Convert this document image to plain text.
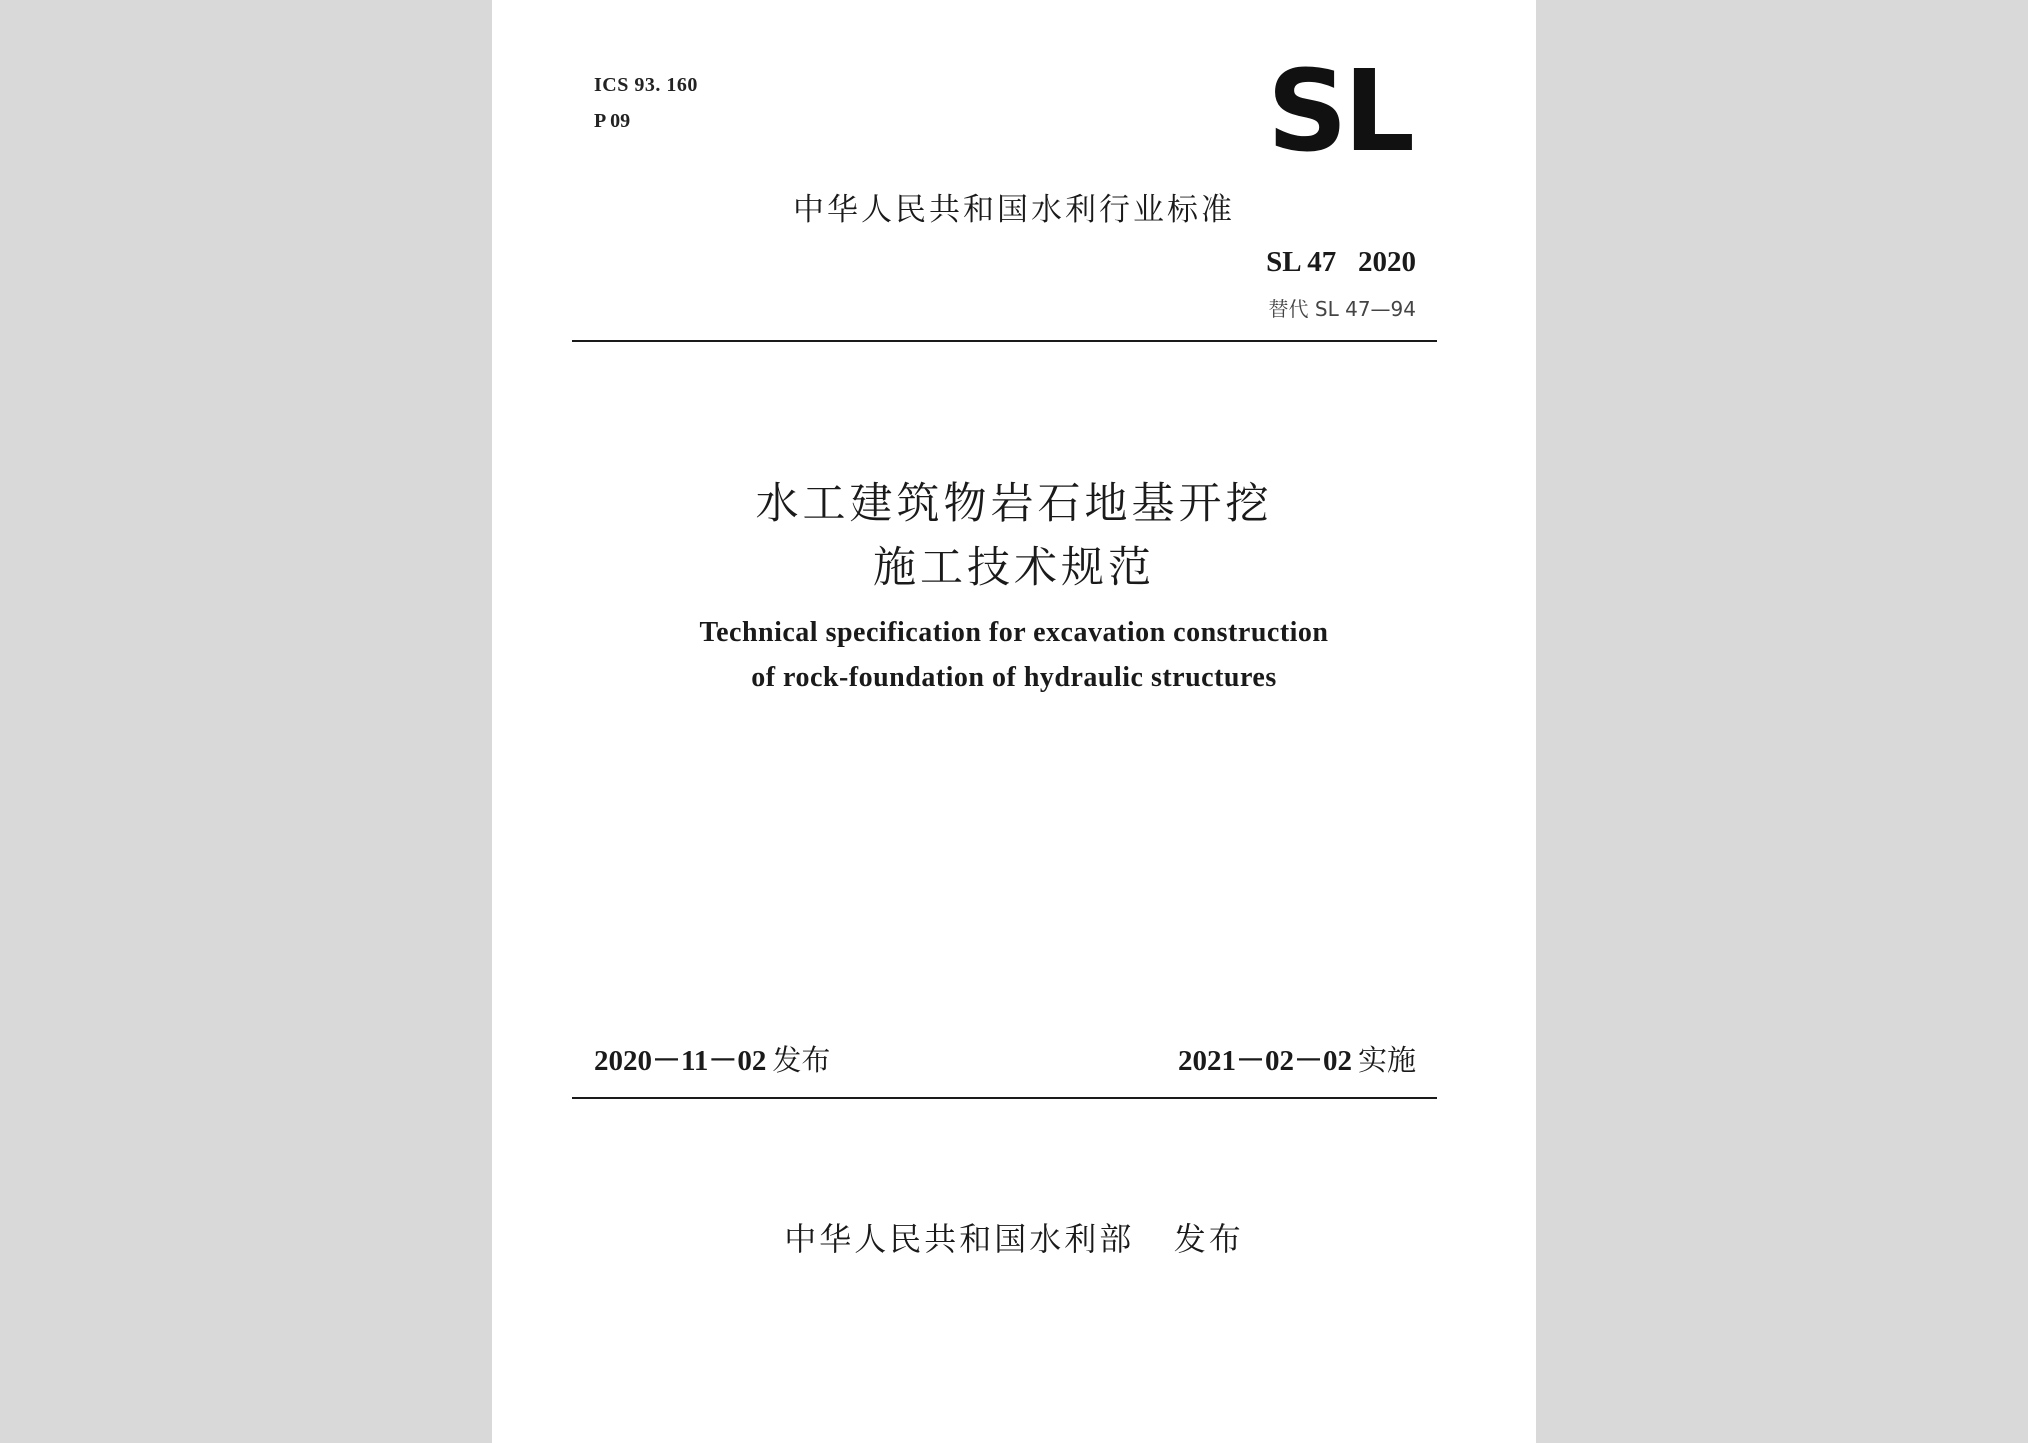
ICS 93. 160
P 09	SL
中华人民共和国水利行业标准
SL 47   2020
替代 SL 47—94
水工建筑物岩石地基开挖
施工技术规范
Technical specification for excavation construction
of rock-foundation of hydraulic structures
2020－11－02 发布	2021－02－02 实施
中华人民共和国水利部   发布
